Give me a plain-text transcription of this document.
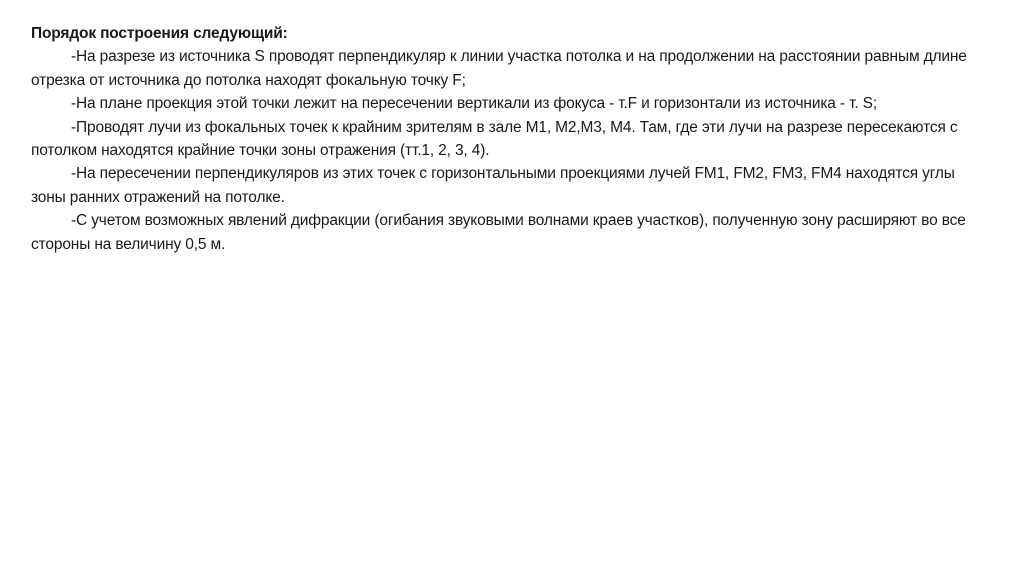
Порядок построения следующий:

-На разрезе из источника S проводят перпендикуляр к линии участка потолка и на продолжении на расстоянии равным длине отрезка от источника до потолка находят фокальную точку F;

-На плане проекция этой точки лежит на пересечении вертикали из фокуса - т.F и горизонтали из источника - т. S;

-Проводят лучи из фокальных точек к крайним зрителям в зале М1, М2,М3, М4. Там, где эти лучи на разрезе пересекаются с потолком находятся крайние точки зоны отражения (тт.1, 2, 3, 4).

-На пересечении перпендикуляров из этих точек с горизонтальными проекциями лучей FM1, FM2, FM3, FM4 находятся углы зоны ранних отражений на потолке.

-С учетом возможных явлений дифракции (огибания звуковыми волнами краев участков), полученную зону расширяют во все стороны на величину 0,5 м.
